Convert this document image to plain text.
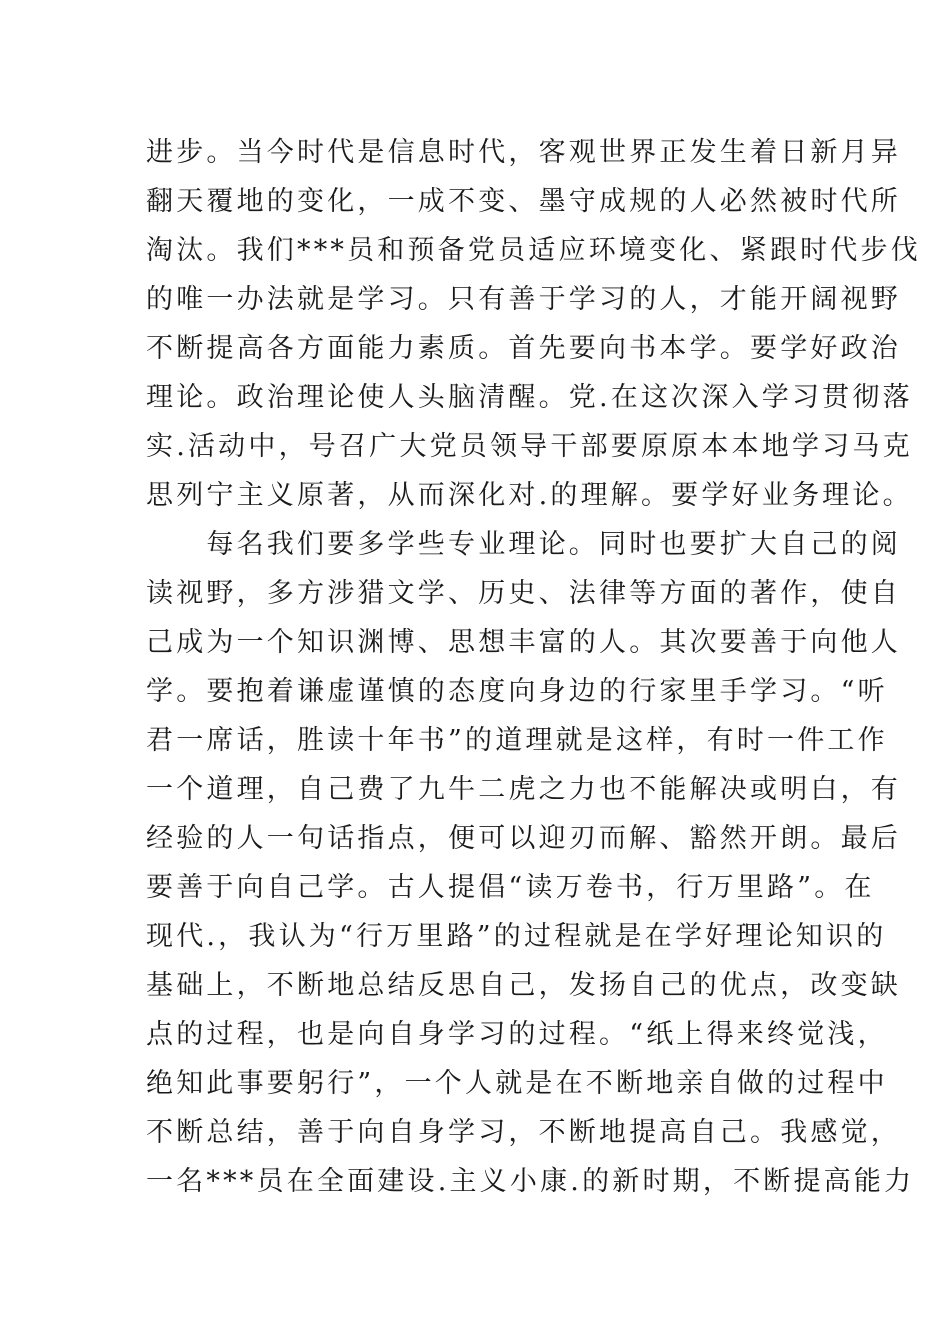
进步。当今时代是信息时代，客观世界正发生着日新月异
翻天覆地的变化，一成不变、墨守成规的人必然被时代所
淘汰。我们***员和预备党员适应环境变化、紧跟时代步伐
的唯一办法就是学习。只有善于学习的人，才能开阔视野
不断提高各方面能力素质。首先要向书本学。要学好政治
理论。政治理论使人头脑清醒。党.在这次深入学习贯彻落
实.活动中，号召广大党员领导干部要原原本本地学习马克
思列宁主义原著，从而深化对.的理解。要学好业务理论。
　　每名我们要多学些专业理论。同时也要扩大自己的阅
读视野，多方涉猎文学、历史、法律等方面的著作，使自
己成为一个知识渊博、思想丰富的人。其次要善于向他人
学。要抱着谦虚谨慎的态度向身边的行家里手学习。“听
君一席话，胜读十年书”的道理就是这样，有时一件工作
一个道理，自己费了九牛二虎之力也不能解决或明白，有
经验的人一句话指点，便可以迎刃而解、豁然开朗。最后
要善于向自己学。古人提倡“读万卷书，行万里路”。在
现代.，我认为“行万里路”的过程就是在学好理论知识的
基础上，不断地总结反思自己，发扬自己的优点，改变缺
点的过程，也是向自身学习的过程。“纸上得来终觉浅，
绝知此事要躬行”，一个人就是在不断地亲自做的过程中
不断总结，善于向自身学习，不断地提高自己。我感觉，
一名***员在全面建设.主义小康.的新时期，不断提高能力
